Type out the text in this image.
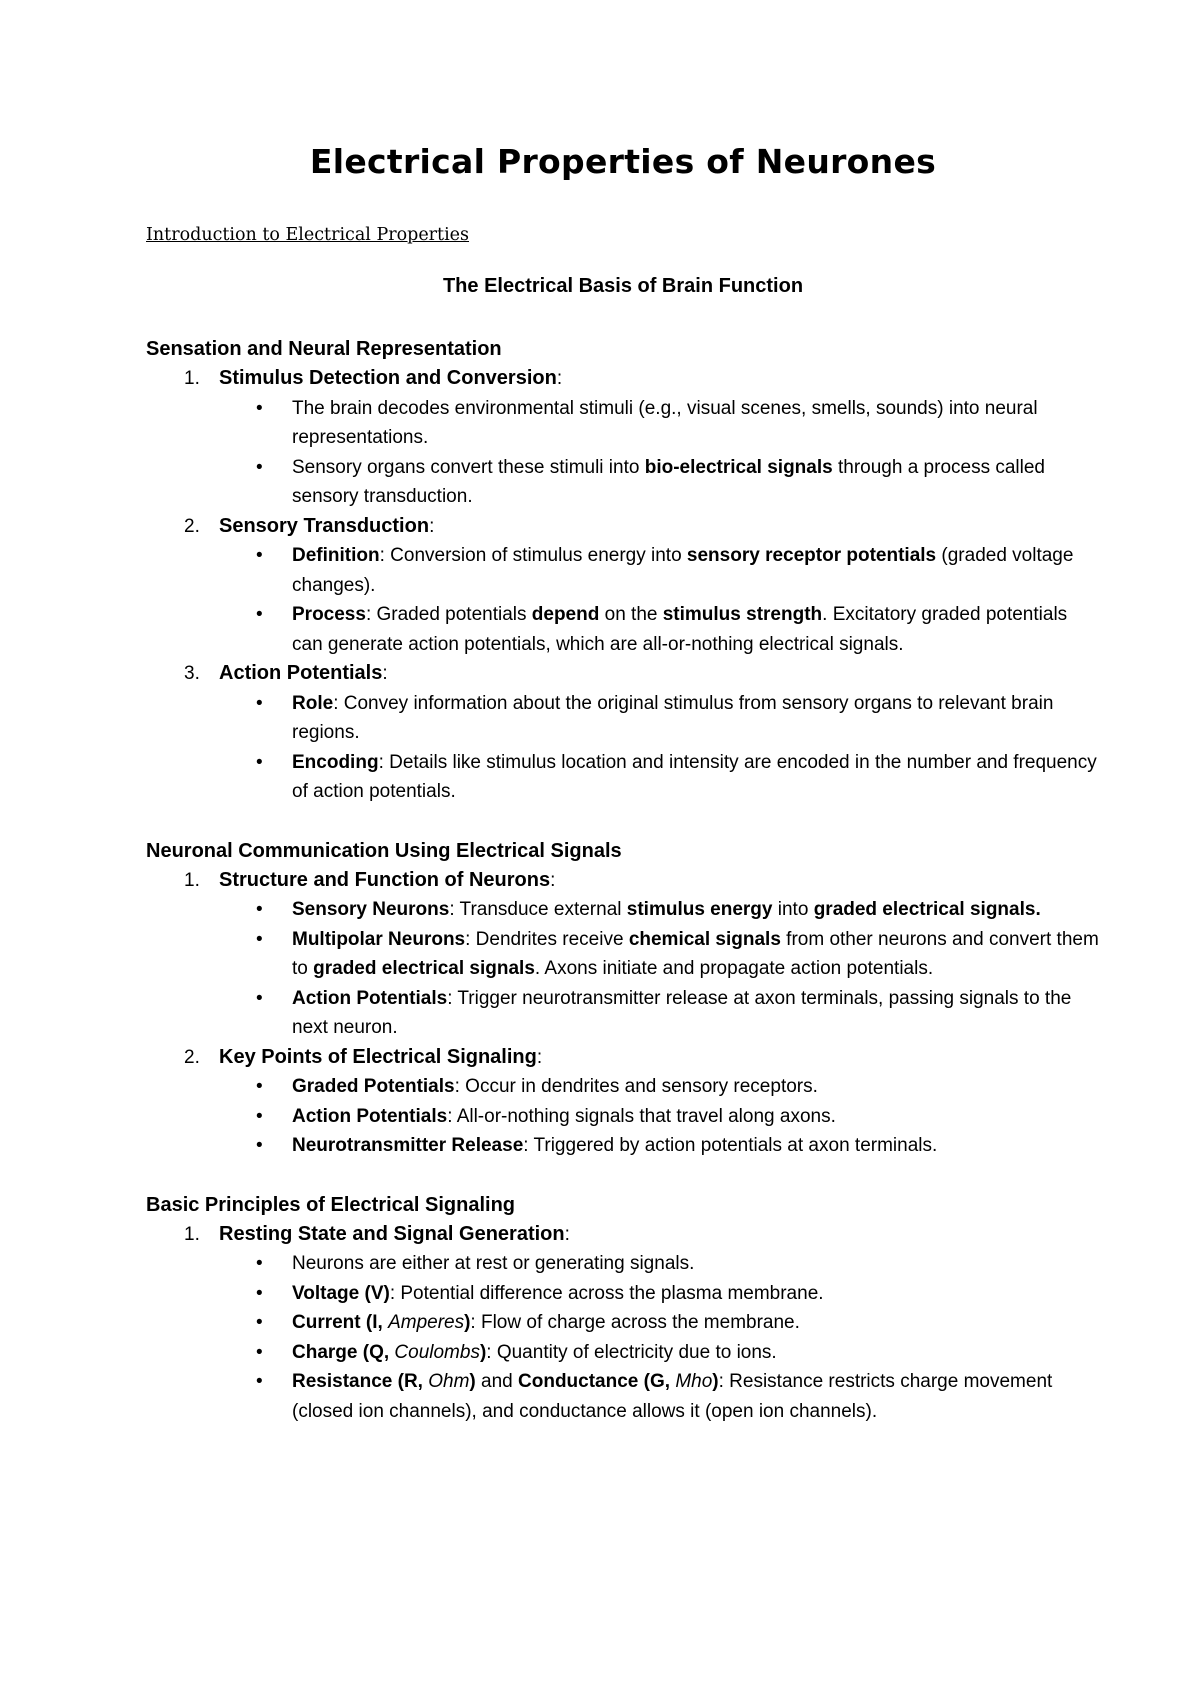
Electrical Properties of Neurones
Introduction to Electrical Properties
The Electrical Basis of Brain Function
Sensation and Neural Representation
1. Stimulus Detection and Conversion:
• The brain decodes environmental stimuli (e.g., visual scenes, smells, sounds) into neural representations.
• Sensory organs convert these stimuli into bio-electrical signals through a process called sensory transduction.
2. Sensory Transduction:
• Definition: Conversion of stimulus energy into sensory receptor potentials (graded voltage changes).
• Process: Graded potentials depend on the stimulus strength. Excitatory graded potentials can generate action potentials, which are all-or-nothing electrical signals.
3. Action Potentials:
• Role: Convey information about the original stimulus from sensory organs to relevant brain regions.
• Encoding: Details like stimulus location and intensity are encoded in the number and frequency of action potentials.
Neuronal Communication Using Electrical Signals
1. Structure and Function of Neurons:
• Sensory Neurons: Transduce external stimulus energy into graded electrical signals.
• Multipolar Neurons: Dendrites receive chemical signals from other neurons and convert them to graded electrical signals. Axons initiate and propagate action potentials.
• Action Potentials: Trigger neurotransmitter release at axon terminals, passing signals to the next neuron.
2. Key Points of Electrical Signaling:
• Graded Potentials: Occur in dendrites and sensory receptors.
• Action Potentials: All-or-nothing signals that travel along axons.
• Neurotransmitter Release: Triggered by action potentials at axon terminals.
Basic Principles of Electrical Signaling
1. Resting State and Signal Generation:
• Neurons are either at rest or generating signals.
• Voltage (V): Potential difference across the plasma membrane.
• Current (I, Amperes): Flow of charge across the membrane.
• Charge (Q, Coulombs): Quantity of electricity due to ions.
• Resistance (R, Ohm) and Conductance (G, Mho): Resistance restricts charge movement (closed ion channels), and conductance allows it (open ion channels).
